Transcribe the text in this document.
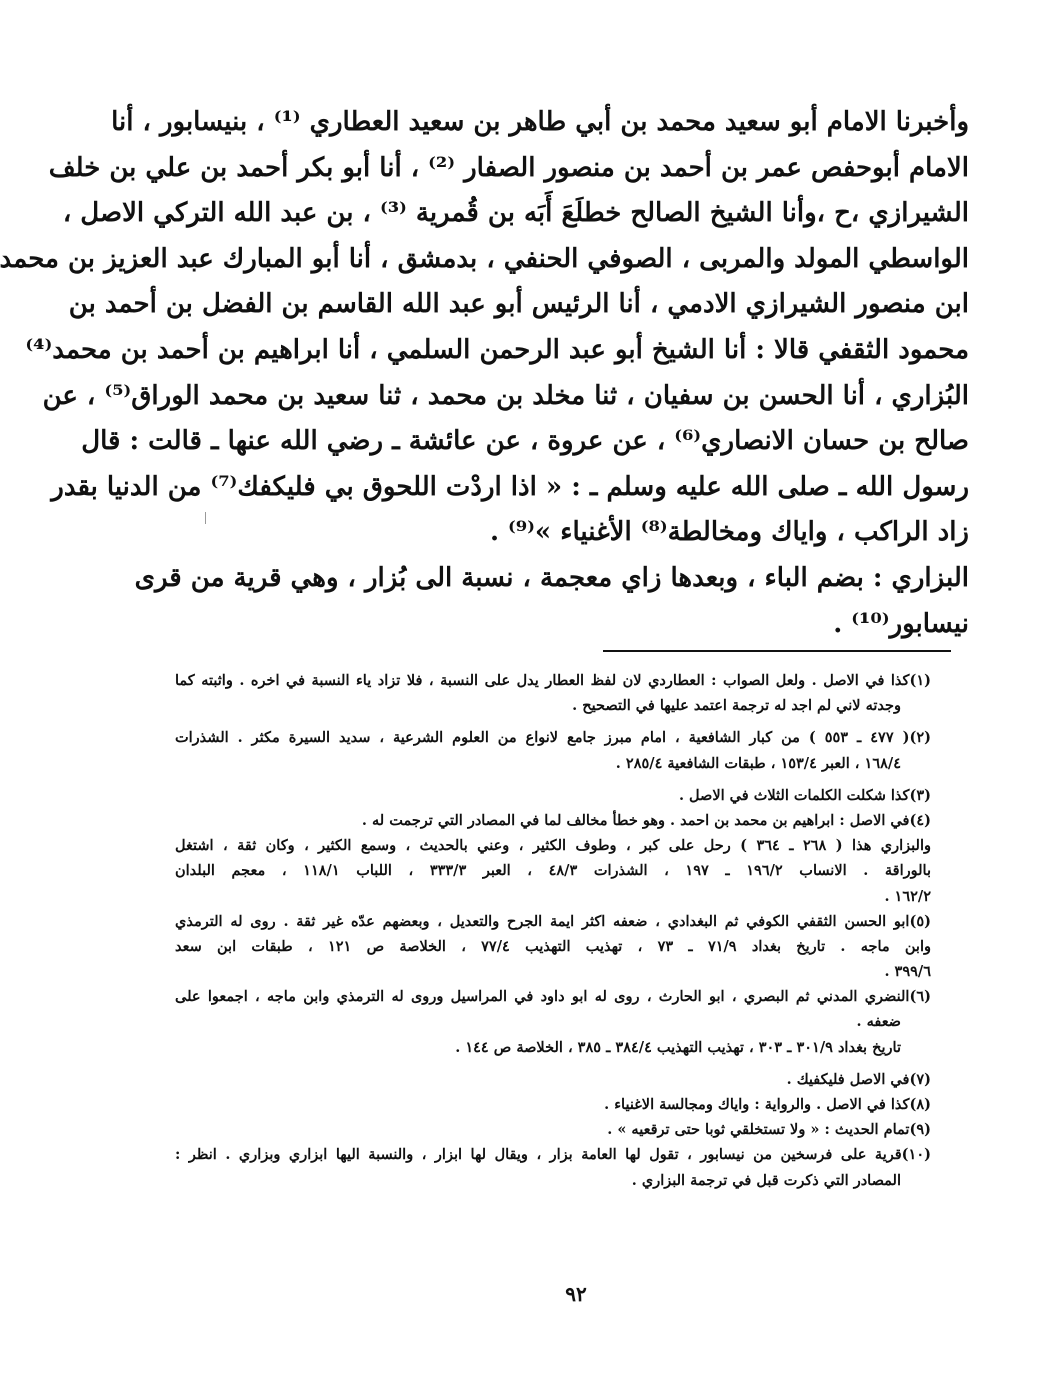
وأخبرنا الامام أبو سعيد محمد بن أبي طاهر بن سعيد العطاري ⁽¹⁾ ، بنيسابور ، أنا
الامام أبوحفص عمر بن أحمد بن منصور الصفار ⁽²⁾ ، أنا أبو بكر أحمد بن علي بن خلف
الشيرازي ،ح ،وأنا الشيخ الصالح خطلَعَ أَبَه بن قُمرية ⁽³⁾ ، بن عبد الله التركي الاصل ،
الواسطي المولد والمربى ، الصوفي الحنفي ، بدمشق ، أنا أبو المبارك عبد العزيز بن محمد
ابن منصور الشيرازي الادمي ، أنا الرئيس أبو عبد الله القاسم بن الفضل بن أحمد بن
محمود الثقفي قالا : أنا الشيخ أبو عبد الرحمن السلمي ، أنا ابراهيم بن أحمد بن محمد⁽⁴⁾
البُزاري ، أنا الحسن بن سفيان ، ثنا مخلد بن محمد ، ثنا سعيد بن محمد الوراق⁽⁵⁾ ، عن
صالح بن حسان الانصاري⁽⁶⁾ ، عن عروة ، عن عائشة ـ رضي الله عنها ـ قالت : قال
رسول الله ـ صلى الله عليه وسلم ـ : « اذا اردْت اللحوق بي فليكفك⁽⁷⁾ من الدنيا بقدر
زاد الراكب ، واياك ومخالطة⁽⁸⁾ الأغنياء »⁽⁹⁾ .
البزاري : بضم الباء ، وبعدها زاي معجمة ، نسبة الى بُزار ، وهي قرية من قرى
نيسابور⁽¹⁰⁾ .
(١)كذا في الاصل . ولعل الصواب : العطاردي لان لفظ العطار يدل على النسبة ، فلا تزاد ياء النسبة في اخره . واثبته كما
وجدته لاني لم اجد له ترجمة اعتمد عليها في التصحيح .
(٢)( ٤٧٧ ـ ٥٥٣ ) من كبار الشافعية ، امام مبرز جامع لانواع من العلوم الشرعية ، سديد السيرة مكثر . الشذرات
١٦٨/٤ ، العبر ١٥٣/٤ ، طبقات الشافعية ٢٨٥/٤ .
(٣)كذا شكلت الكلمات الثلاث في الاصل .
(٤)في الاصل : ابراهيم بن محمد بن احمد . وهو خطأ مخالف لما في المصادر التي ترجمت له .
والبزاري هذا ( ٢٦٨ ـ ٣٦٤ ) رحل على كبر ، وطوف الكثير ، وعني بالحديث ، وسمع الكثير ، وكان ثقة ، اشتغل
بالوراقة . الانساب ١٩٦/٢ ـ ١٩٧ ، الشذرات ٤٨/٣ ، العبر ٣٣٣/٣ ، اللباب ١١٨/١ ، معجم البلدان
١٦٢/٢ .
(٥)ابو الحسن الثقفي الكوفي ثم البغدادي ، ضعفه اكثر ايمة الجرح والتعديل ، وبعضهم عدّه غير ثقة . روى له الترمذي
وابن ماجه . تاريخ بغداد ٧١/٩ ـ ٧٣ ، تهذيب التهذيب ٧٧/٤ ، الخلاصة ص ١٢١ ، طبقات ابن سعد
٣٩٩/٦ .
(٦)النضري المدني ثم البصري ، ابو الحارث ، روى له ابو داود في المراسيل وروى له الترمذي وابن ماجه ، اجمعوا على
ضعفه .
تاريخ بغداد ٣٠١/٩ ـ ٣٠٣ ، تهذيب التهذيب ٣٨٤/٤ ـ ٣٨٥ ، الخلاصة ص ١٤٤ .
(٧)في الاصل فليكفيك .
(٨)كذا في الاصل . والرواية : واياك ومجالسة الاغنياء .
(٩)تمام الحديث : « ولا تستخلقي ثوبا حتى ترقعيه » .
(١٠)قرية على فرسخين من نيسابور ، تقول لها العامة بزار ، ويقال لها ابزار ، والنسبة اليها ابزاري وبزاري . انظر :
المصادر التي ذكرت قبل في ترجمة البزاري .
٩٢
